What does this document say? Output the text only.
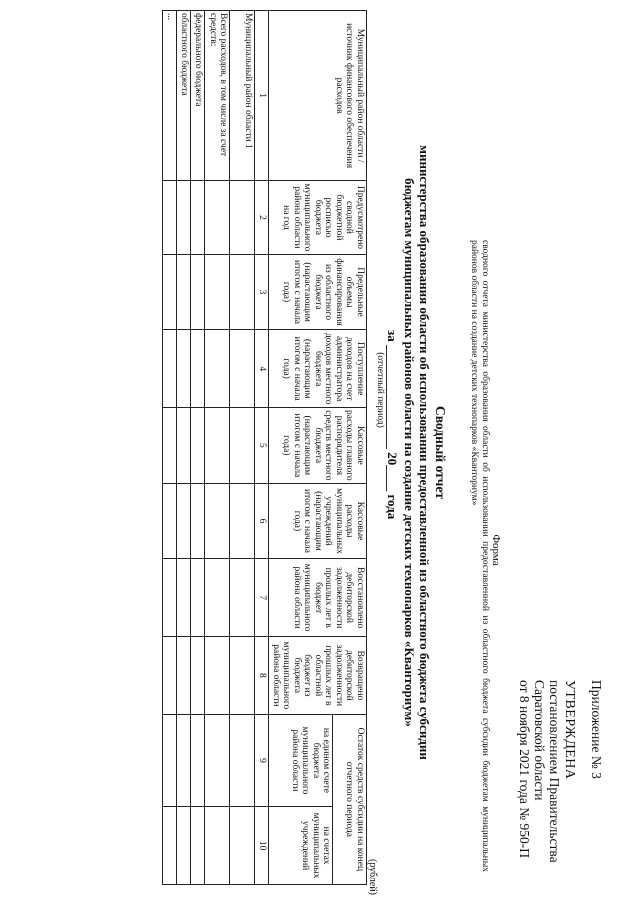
Приложение № 3
УТВЕРЖДЕНА
постановлением Правительства
Саратовской области
от 8 ноября 2021 года № 950-П
Форма
сводного отчета министерства образования области об использовании предоставленной из областного бюджета субсидии бюджетам муниципальных районов области на создание детских технопарков «Кванториум»
Сводный отчет
министерства образования области об использовании предоставленной из областного бюджета субсидии
бюджетам муниципальных районов области на создание детских технопарков «Кванториум»
за ________________ 20____ года
(отчетный период)
(рублей)
Муниципальный район области / источник финансового обеспечения расходов	Предусмотрено сводной бюджетной росписью бюджета муниципального района области на год	Предельные объемы финансирования из областного бюджета (нарастающим итогом с начала года)	Поступление доходов на счет администратора доходов местного бюджета (нарастающим итогом с начала года)	Кассовые расходы главного распорядителя средств местного бюджета (нарастающим итогом с начала года)	Кассовые расходы муниципальных учреждений (нарастающим итогом с начала года)	Восстановлено дебиторской задолженности прошлых лет в бюджет муниципального района области	Возвращено дебиторской задолженности прошлых лет в областной бюджет из бюджета муниципального района области	Остаток средств субсидии на конец отчетного периода	
								на едином счете бюджета муниципального района области	на счетах муниципальных учреждений
1	2	3	4	5	6	7	8	9	10
Муниципальный район области 1									
Всего расходов, в том числе за счет средств:									
федерального бюджета									
областного бюджета									
...									
